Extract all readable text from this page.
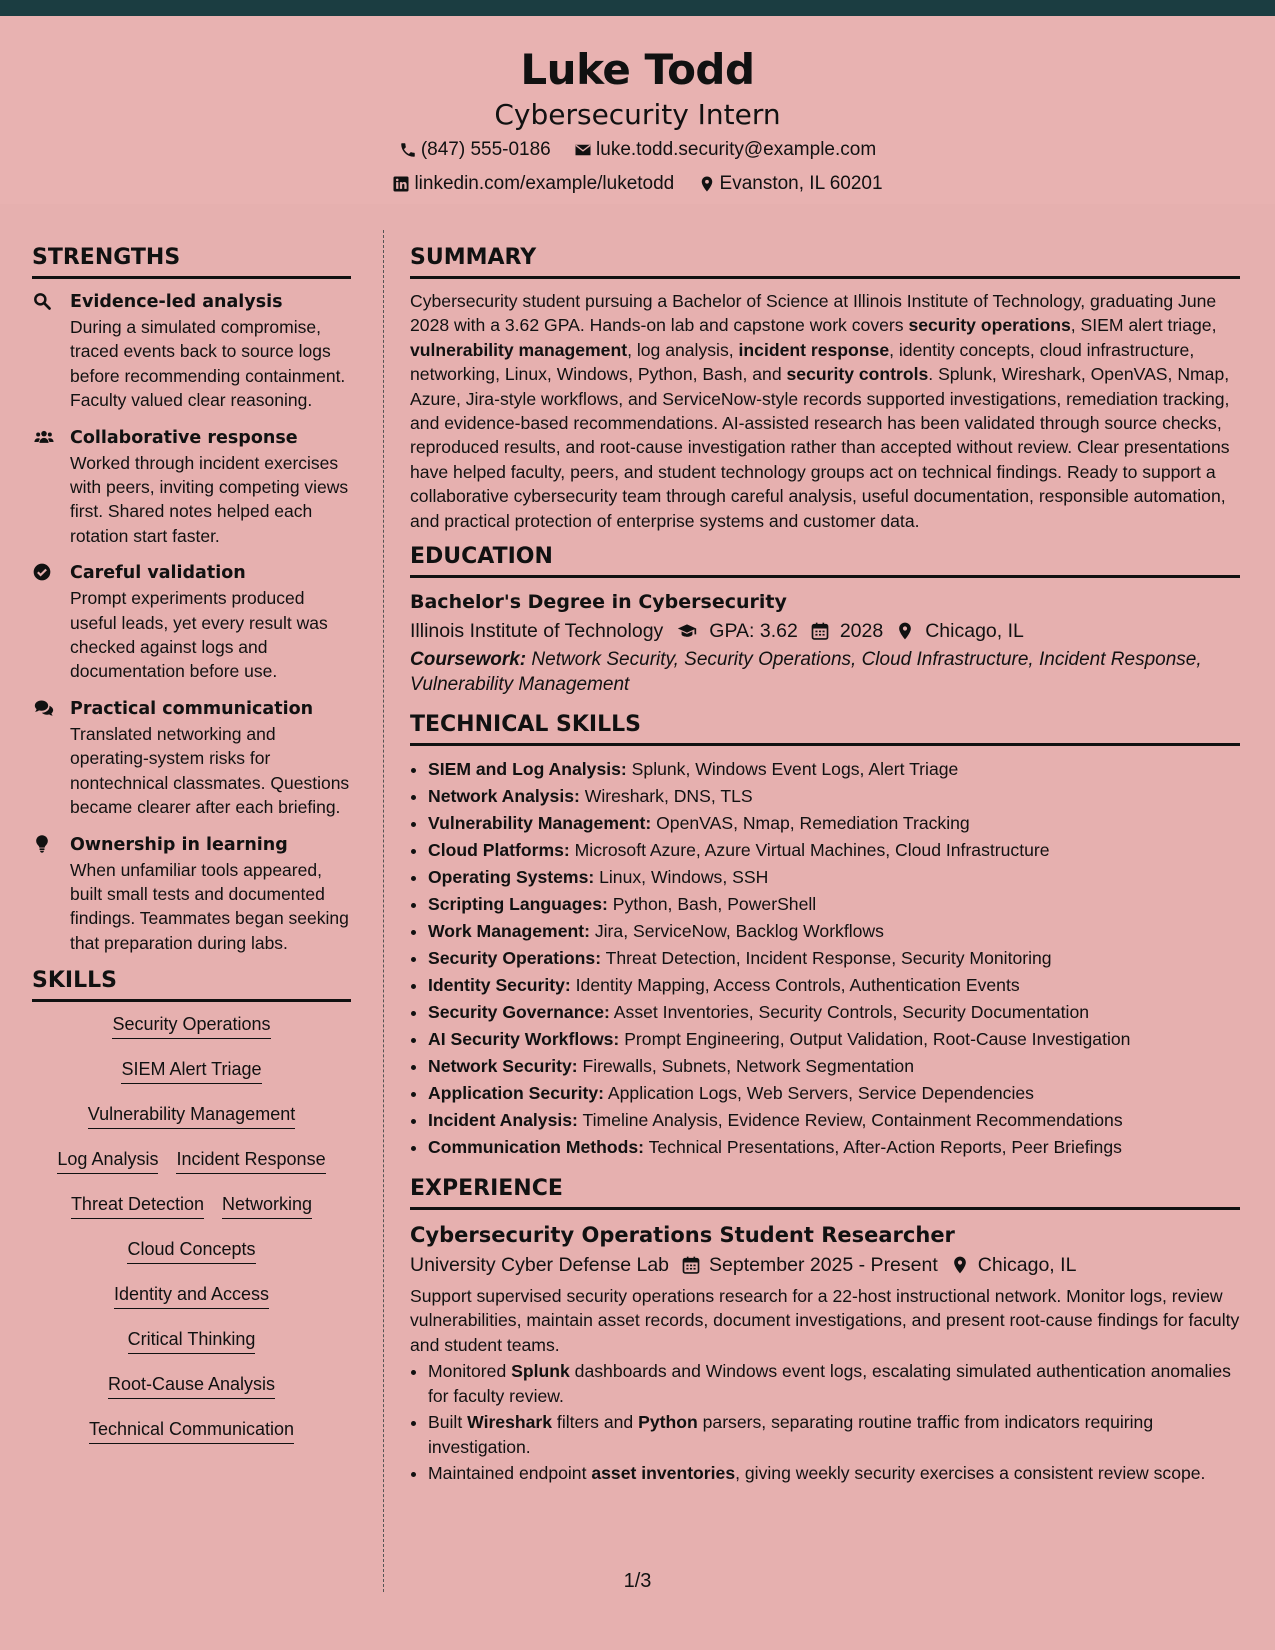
Luke Todd
Cybersecurity Intern
(847) 555-0186
luke.todd.security@example.com
linkedin.com/example/luketodd
Evanston, IL 60201
STRENGTHS
Evidence-led analysis
During a simulated compromise, traced events back to source logs before recommending containment. Faculty valued clear reasoning.
Collaborative response
Worked through incident exercises with peers, inviting competing views first. Shared notes helped each rotation start faster.
Careful validation
Prompt experiments produced useful leads, yet every result was checked against logs and documentation before use.
Practical communication
Translated networking and operating-system risks for nontechnical classmates. Questions became clearer after each briefing.
Ownership in learning
When unfamiliar tools appeared, built small tests and documented findings. Teammates began seeking that preparation during labs.
SKILLS
Security Operations
SIEM Alert Triage
Vulnerability Management
Log Analysis Incident Response
Threat Detection Networking
Cloud Concepts
Identity and Access
Critical Thinking
Root-Cause Analysis
Technical Communication
SUMMARY

Cybersecurity student pursuing a Bachelor of Science at Illinois Institute of Technology, graduating June 2028 with a 3.62 GPA. Hands-on lab and capstone work covers security operations, SIEM alert triage, vulnerability management, log analysis, incident response, identity concepts, cloud infrastructure, networking, Linux, Windows, Python, Bash, and security controls. Splunk, Wireshark, OpenVAS, Nmap, Azure, Jira-style workflows, and ServiceNow-style records supported investigations, remediation tracking, and evidence-based recommendations. AI-assisted research has been validated through source checks, reproduced results, and root-cause investigation rather than accepted without review. Clear presentations have helped faculty, peers, and student technology groups act on technical findings. Ready to support a collaborative cybersecurity team through careful analysis, useful documentation, responsible automation, and practical protection of enterprise systems and customer data.

EDUCATION
Bachelor's Degree in Cybersecurity
Illinois Institute of Technology GPA: 3.62 2028 Chicago, IL
Coursework: Network Security, Security Operations, Cloud Infrastructure, Incident Response, Vulnerability Management
TECHNICAL SKILLS
• SIEM and Log Analysis: Splunk, Windows Event Logs, Alert Triage
• Network Analysis: Wireshark, DNS, TLS
• Vulnerability Management: OpenVAS, Nmap, Remediation Tracking
• Cloud Platforms: Microsoft Azure, Azure Virtual Machines, Cloud Infrastructure
• Operating Systems: Linux, Windows, SSH
• Scripting Languages: Python, Bash, PowerShell
• Work Management: Jira, ServiceNow, Backlog Workflows
• Security Operations: Threat Detection, Incident Response, Security Monitoring
• Identity Security: Identity Mapping, Access Controls, Authentication Events
• Security Governance: Asset Inventories, Security Controls, Security Documentation
• AI Security Workflows: Prompt Engineering, Output Validation, Root-Cause Investigation
• Network Security: Firewalls, Subnets, Network Segmentation
• Application Security: Application Logs, Web Servers, Service Dependencies
• Incident Analysis: Timeline Analysis, Evidence Review, Containment Recommendations
• Communication Methods: Technical Presentations, After-Action Reports, Peer Briefings
EXPERIENCE
Cybersecurity Operations Student Researcher
University Cyber Defense Lab September 2025 - Present Chicago, IL

Support supervised security operations research for a 22-host instructional network. Monitor logs, review vulnerabilities, maintain asset records, document investigations, and present root-cause findings for faculty and student teams.

• Monitored Splunk dashboards and Windows event logs, escalating simulated authentication anomalies for faculty review.
• Built Wireshark filters and Python parsers, separating routine traffic from indicators requiring investigation.
• Maintained endpoint asset inventories, giving weekly security exercises a consistent review scope.
1/3
